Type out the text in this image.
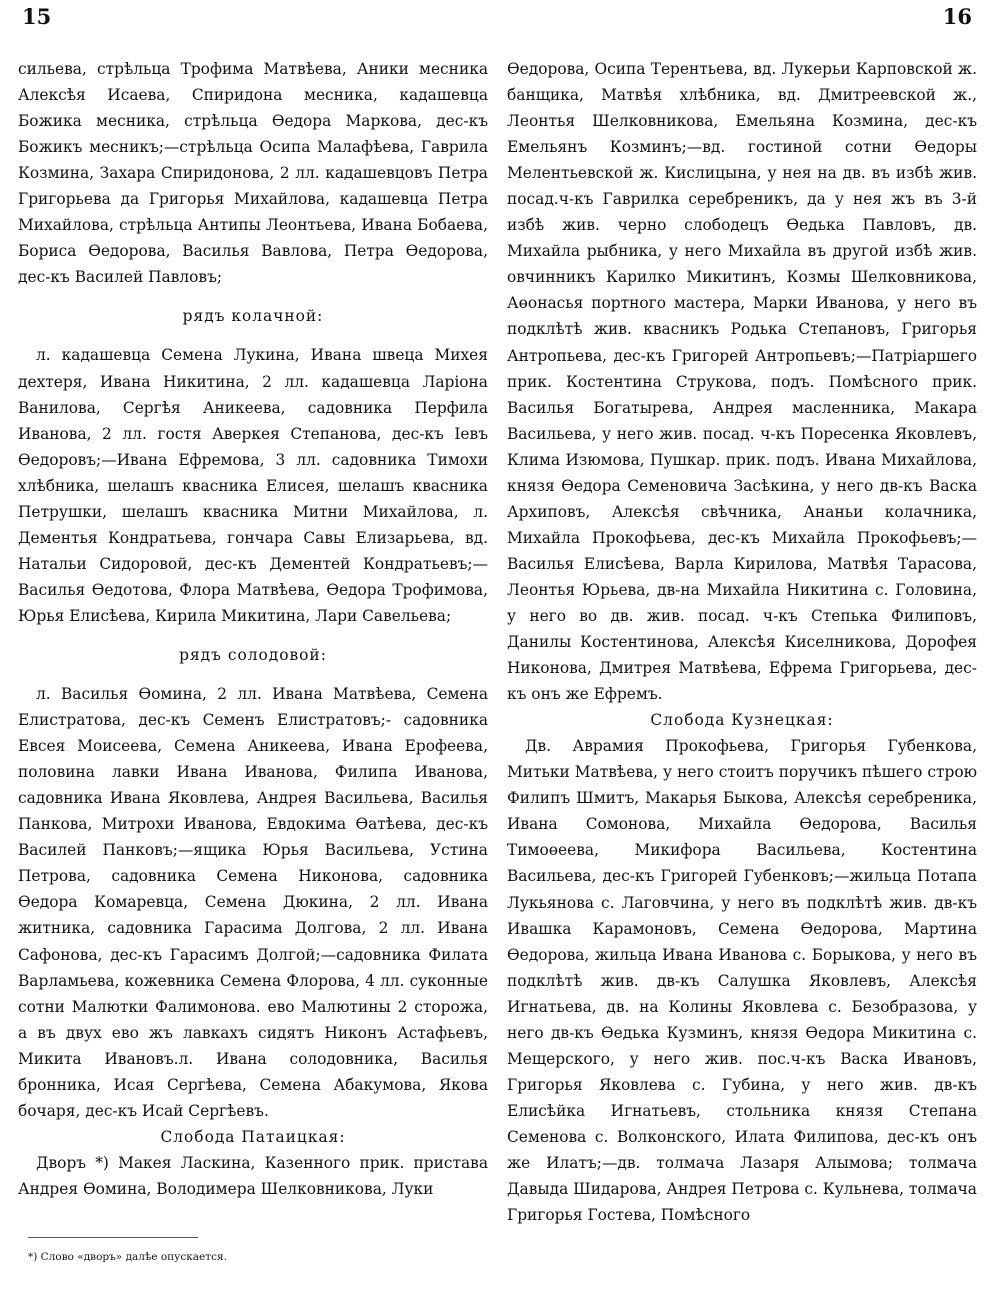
15	16

сильева, стрѣльца Трофима Матвѣева, Аники месника Алексѣя Исаева, Спиридона месника, кадашевца Божика месника, стрѣльца Өедора Маркова, дес-къ Божикъ месникъ;—стрѣльца Осипа Малафѣева, Гаврила Козмина, Захара Спиридонова, 2 лл. кадашевцовъ Петра Григорьева да Григорья Михайлова, кадашевца Петра Михайлова, стрѣльца Антипы Леонтьева, Ивана Бобаева, Бориса Өедорова, Василья Вавлова, Петра Өедорова, дес-къ Василей Павловъ;

рядъ колачной:

л. кадашевца Семена Лукина, Ивана швеца Михея дехтеря, Ивана Никитина, 2 лл. кадашевца Ларіона Ванилова, Сергѣя Аникеева, садовника Перфила Иванова, 2 лл. гостя Аверкея Степанова, дес-къ Іевъ Өедоровъ;—Ивана Ефремова, 3 лл. садовника Тимохи хлѣбника, шелашъ квасника Елисея, шелашъ квасника Петрушки, шелашъ квасника Митни Михайлова, л. Дементья Кондратьева, гончара Савы Елизарьева, вд. Натальи Сидоровой, дес-къ Дементей Кондратьевъ;—Василья Өедотова, Флора Матвѣева, Өедора Трофимова, Юрья Елисѣева, Кирила Микитина, Лари Савельева;

рядъ солодовой:

л. Василья Өомина, 2 лл. Ивана Матвѣева, Семена Елистратова, дес-къ Семенъ Елистратовъ;- садовника Евсея Моисеева, Семена Аникеева, Ивана Ерофеева, половина лавки Ивана Иванова, Филипа Иванова, садовника Ивана Яковлева, Андрея Васильева, Василья Панкова, Митрохи Иванова, Евдокима Өатѣева, дес-къ Василей Панковъ;—ящика Юрья Васильева, Устина Петрова, садовника Семена Никонова, садовника Өедора Комаревца, Семена Дюкина, 2 лл. Ивана житника, садовника Гарасима Долгова, 2 лл. Ивана Сафонова, дес-къ Гарасимъ Долгой;—садовника Филата Варламьева, кожевника Семена Флорова, 4 лл. суконные сотни Малютки Фалимонова. ево Малютины 2 сторожа, а въ двух ево жъ лавкахъ сидятъ Никонъ Астафьевъ, Микита Ивановъ.л. Ивана солодовника, Василья бронника, Исая Сергѣева, Семена Абакумова, Якова бочаря, дес-къ Исай Сергѣевъ.

Слобода Патаицкая:

Дворъ *) Макея Ласкина, Казенного прик. пристава Андрея Өомина, Володимера Шелковникова, Луки

*) Слово «дворъ» далѣе опускается.

Өедорова, Осипа Терентьева, вд. Лукерьи Карповской ж. банщика, Матвѣя хлѣбника, вд. Дмитреевской ж., Леонтья Шелковникова, Емельяна Козмина, дес-къ Емельянъ Козминъ;—вд. гостиной сотни Өедоры Мелентьевской ж. Кислицына, у нея на дв. въ избѣ жив. посад.ч-къ Гаврилка серебреникъ, да у нея жъ въ 3-й избѣ жив. черно слободецъ Өедька Павловъ, дв. Михайла рыбника, у него Михайла въ другой избѣ жив. овчинникъ Карилко Микитинъ, Козмы Шелковникова, Аөонасья портного мастера, Марки Иванова, у него въ подклѣтѣ жив. квасникъ Родька Степановъ, Григорья Антропьева, дес-къ Григорей Антропьевъ;—Патріаршего прик. Костентина Струкова, подъ. Помѣсного прик. Василья Богатырева, Андрея масленника, Макара Васильева, у него жив. посад. ч-къ Поресенка Яковлевъ, Клима Изюмова, Пушкар. прик. подъ. Ивана Михайлова, князя Өедора Семеновича Засѣкина, у него дв-къ Васка Архиповъ, Алексѣя свѣчника, Ананьи колачника, Михайла Прокофьева, дес-къ Михайла Прокофьевъ;—Василья Елисѣева, Варла Кирилова, Матвѣя Тарасова, Леонтья Юрьева, дв-на Михайла Никитина с. Головина, у него во дв. жив. посад. ч-къ Степька Филиповъ, Данилы Костентинова, Алексѣя Киселникова, Дорофея Никонова, Дмитрея Матвѣева, Ефрема Григорьева, дес-къ онъ же Ефремъ.

Слобода Кузнецкая:

Дв. Аврамия Прокофьева, Григорья Губенкова, Митьки Матвѣева, у него стоитъ поручикъ пѣшего строю Филипъ Шмитъ, Макарья Быкова, Алексѣя серебреника, Ивана Сомонова, Михайла Өедорова, Василья Тимоөеева, Микифора Васильева, Костентина Васильева, дес-къ Григорей Губенковъ;—жильца Потапа Лукьянова с. Лаговчина, у него въ подклѣтѣ жив. дв-къ Ивашка Карамоновъ, Семена Өедорова, Мартина Өедорова, жильца Ивана Иванова с. Борыкова, у него въ подклѣтѣ жив. дв-къ Салушка Яковлевъ, Алексѣя Игнатьева, дв. на Колины Яковлева с. Безобразова, у него дв-къ Өедька Кузминъ, князя Өедора Микитина с. Мещерского, у него жив. пос.ч-къ Васка Ивановъ, Григорья Яковлева с. Губина, у него жив. дв-къ Елисѣйка Игнатьевъ, стольника князя Степана Семенова с. Волконского, Илата Филипова, дес-къ онъ же Илатъ;—дв. толмача Лазаря Алымова; толмача Давыда Шидарова, Андрея Петрова с. Кульнева, толмача Григорья Гостева, Помѣсного
